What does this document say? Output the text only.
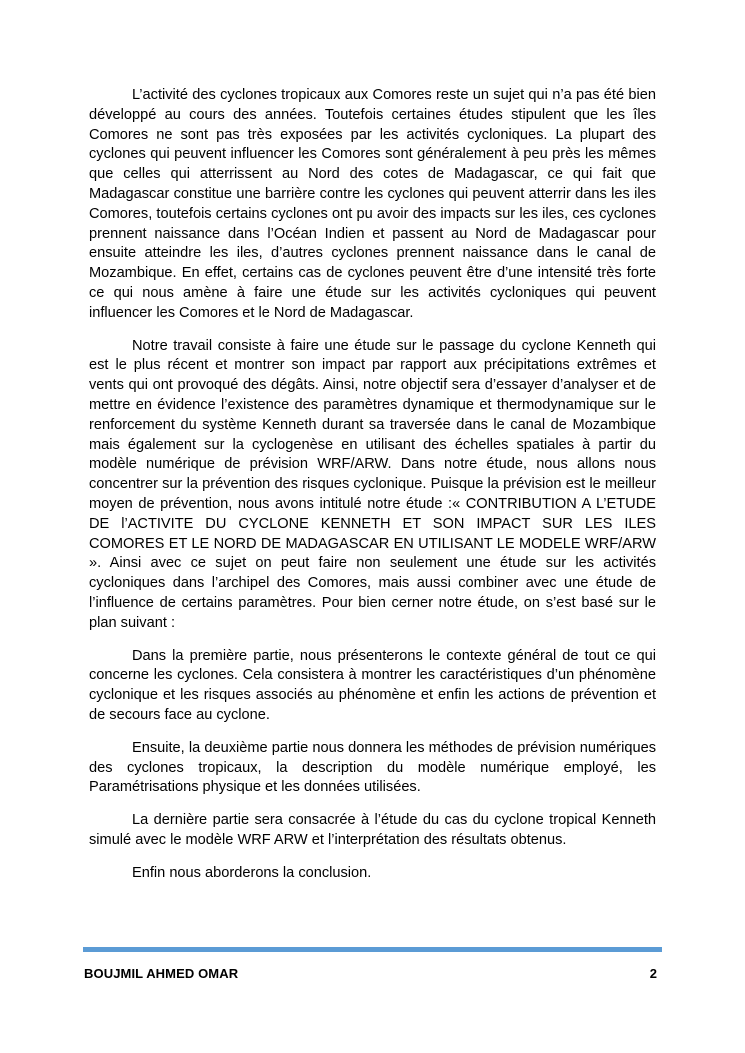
L’activité des cyclones tropicaux aux Comores reste un sujet qui n’a pas été bien développé au cours des années. Toutefois certaines études stipulent que les îles Comores ne sont pas très exposées par les activités cycloniques. La plupart des cyclones qui peuvent influencer les Comores sont généralement à peu près les mêmes que celles qui atterrissent au Nord des cotes de Madagascar, ce qui fait que Madagascar constitue une barrière contre les cyclones qui peuvent atterrir dans les iles Comores, toutefois certains cyclones ont pu avoir des impacts sur les iles, ces cyclones prennent naissance dans l’Océan Indien et passent au Nord de Madagascar pour ensuite atteindre les iles, d’autres cyclones prennent naissance dans le canal de Mozambique. En effet, certains cas de cyclones peuvent être d’une intensité très forte ce qui nous amène à faire une étude sur les activités cycloniques qui peuvent influencer les Comores et le Nord de Madagascar.

Notre travail consiste à faire une étude sur le passage du cyclone Kenneth qui est le plus récent et montrer son impact par rapport aux précipitations extrêmes et vents qui ont provoqué des dégâts. Ainsi, notre objectif sera d’essayer d’analyser et de mettre en évidence l’existence des paramètres dynamique et thermodynamique sur le renforcement du système Kenneth durant sa traversée dans le canal de Mozambique mais également sur la cyclogenèse en utilisant des échelles spatiales à partir du modèle numérique de prévision WRF/ARW. Dans notre étude, nous allons nous concentrer sur la prévention des risques cyclonique. Puisque la prévision est le meilleur moyen de prévention, nous avons intitulé notre étude :« CONTRIBUTION A L’ETUDE DE l’ACTIVITE DU CYCLONE KENNETH ET SON IMPACT SUR LES ILES COMORES ET LE NORD DE MADAGASCAR EN UTILISANT LE MODELE WRF/ARW ». Ainsi avec ce sujet on peut faire non seulement une étude sur les activités cycloniques dans l’archipel des Comores, mais aussi combiner avec une étude de l’influence de certains paramètres. Pour bien cerner notre étude, on s’est basé sur le plan suivant :

Dans la première partie, nous présenterons le contexte général de tout ce qui concerne les cyclones. Cela consistera à montrer les caractéristiques d’un phénomène cyclonique et les risques associés au phénomène et enfin les actions de prévention et de secours face au cyclone.

Ensuite, la deuxième partie nous donnera les méthodes de prévision numériques des cyclones tropicaux, la description du modèle numérique employé, les Paramétrisations physique et les données utilisées.

La dernière partie sera consacrée à l’étude du cas du cyclone tropical Kenneth simulé avec le modèle WRF ARW et l’interprétation des résultats obtenus.

Enfin nous aborderons la conclusion.

BOUJMIL AHMED OMAR	2
